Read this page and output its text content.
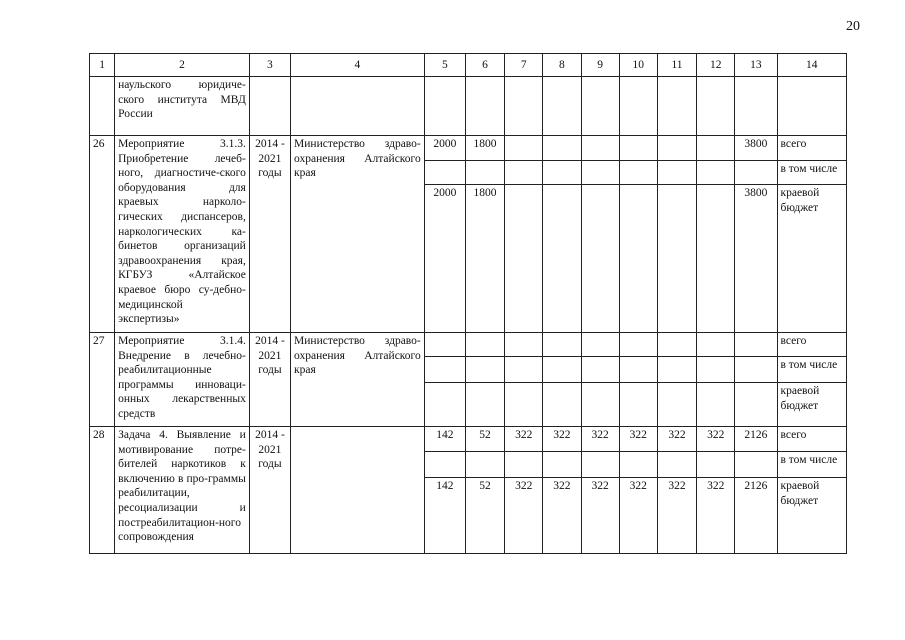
20
1	2	3	4	5	6	7	8	9	10	11	12	13	14
	наульского юридиче-ского института МВД России												
26	Мероприятие 3.1.3. Приобретение лечеб-ного, диагностиче-ского оборудования для краевых нарколо-гических диспансеров, наркологических ка-бинетов организаций здравоохранения края, КГБУЗ «Алтайское краевое бюро су-дебно-медицинской экспертизы»	2014 - 2021 годы	Министерство здраво-охранения Алтайского края	2000	1800							3800	всего
													в том числе
				2000	1800							3800	краевой бюджет
27	Мероприятие 3.1.4. Внедрение в лечебно-реабилитационные программы инноваци-онных лекарственных средств	2014 - 2021 годы	Министерство здраво-охранения Алтайского края										всего
													в том числе
													краевой бюджет
28	Задача 4. Выявление и мотивирование потре-бителей наркотиков к включению в про-граммы реабилитации, ресоциализации и постреабилитацион-ного сопровождения	2014 - 2021 годы		142	52	322	322	322	322	322	322	2126	всего
													в том числе
				142	52	322	322	322	322	322	322	2126	краевой бюджет
